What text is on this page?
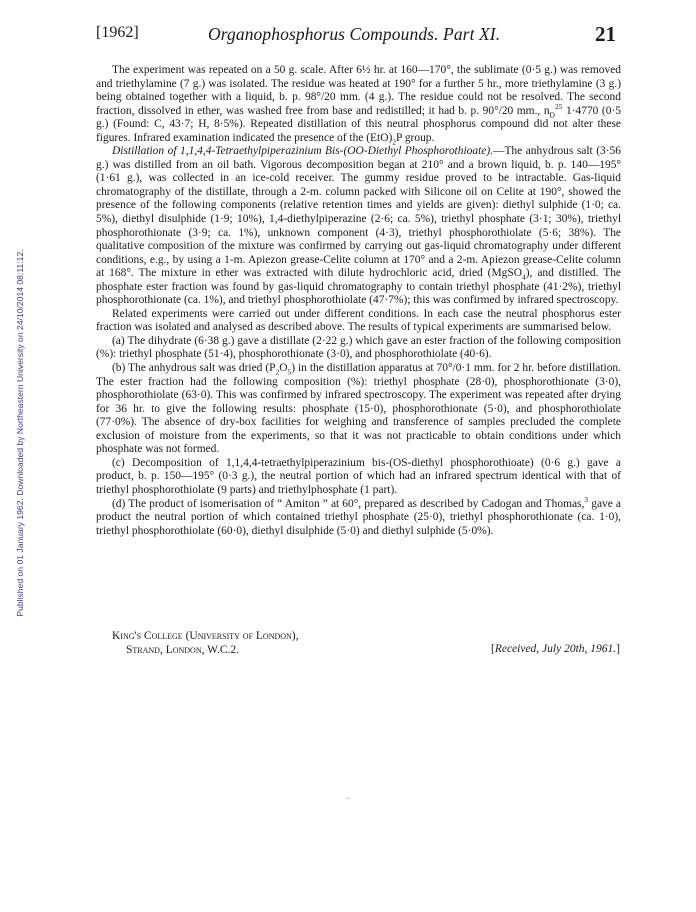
[1962]	Organophosphorus Compounds. Part XI.	21
Published on 01 January 1962. Downloaded by Northeastern University on 24/10/2014 08:11:12.

The experiment was repeated on a 50 g. scale. After 6½ hr. at 160—170°, the sublimate (0·5 g.) was removed and triethylamine (7 g.) was isolated. The residue was heated at 190° for a further 5 hr., more triethylamine (3 g.) being obtained together with a liquid, b. p. 98°/20 mm. (4 g.). The residue could not be resolved. The second fraction, dissolved in ether, was washed free from base and redistilled; it had b. p. 90°/20 mm., $n_D^{25}$ 1·4770 (0·5 g.) (Found: C, 43·7; H, 8·5%). Repeated distillation of this neutral phosphorus compound did not alter these figures. Infrared examination indicated the presence of the $(EtO)_2P$ group.

Distillation of 1,1,4,4-Tetraethylpiperazinium Bis-(OO-Diethyl Phosphorothioate).—The anhydrous salt (3·56 g.) was distilled from an oil bath. Vigorous decomposition began at 210° and a brown liquid, b. p. 140—195° (1·61 g.), was collected in an ice-cold receiver. The gummy residue proved to be intractable. Gas-liquid chromatography of the distillate, through a 2-m. column packed with Silicone oil on Celite at 190°, showed the presence of the following components (relative retention times and yields are given): diethyl sulphide (1·0; ca. 5%), diethyl disulphide (1·9; 10%), 1,4-diethylpiperazine (2·6; ca. 5%), triethyl phosphate (3·1; 30%), triethyl phosphorothionate (3·9; ca. 1%), unknown component (4·3), triethyl phosphorothiolate (5·6; 38%). The qualitative composition of the mixture was confirmed by carrying out gas-liquid chromatography under different conditions, e.g., by using a 1-m. Apiezon grease-Celite column at 170° and a 2-m. Apiezon grease-Celite column at 168°. The mixture in ether was extracted with dilute hydrochloric acid, dried (MgSO$_4$), and distilled. The phosphate ester fraction was found by gas-liquid chromatography to contain triethyl phosphate (41·2%), triethyl phosphorothionate (ca. 1%), and triethyl phosphorothiolate (47·7%); this was confirmed by infrared spectroscopy.

Related experiments were carried out under different conditions. In each case the neutral phosphorus ester fraction was isolated and analysed as described above. The results of typical experiments are summarised below.

(a) The dihydrate (6·38 g.) gave a distillate (2·22 g.) which gave an ester fraction of the following composition (%): triethyl phosphate (51·4), phosphorothionate (3·0), and phosphorothiolate (40·6).

(b) The anhydrous salt was dried $(P_2O_5)$ in the distillation apparatus at 70°/0·1 mm. for 2 hr. before distillation. The ester fraction had the following composition (%): triethyl phosphate (28·0), phosphorothionate (3·0), phosphorothiolate (63·0). This was confirmed by infrared spectroscopy. The experiment was repeated after drying for 36 hr. to give the following results: phosphate (15·0), phosphorothionate (5·0), and phosphorothiolate (77·0%). The absence of dry-box facilities for weighing and transference of samples precluded the complete exclusion of moisture from the experiments, so that it was not practicable to obtain conditions under which phosphate was not formed.

(c) Decomposition of 1,1,4,4-tetraethylpiperazinium bis-(OS-diethyl phosphorothioate) (0·6 g.) gave a product, b. p. 150—195° (0·3 g.), the neutral portion of which had an infrared spectrum identical with that of triethyl phosphorothiolate (9 parts) and triethylphosphate (1 part).

(d) The product of isomerisation of “ Amiton ” at 60°, prepared as described by Cadogan and Thomas,$^3$ gave a product the neutral portion of which contained triethyl phosphate (25·0), triethyl phosphorothionate (ca. 1·0), triethyl phosphorothiolate (60·0), diethyl disulphide (5·0) and diethyl sulphide (5·0%).

King's College (University of London),
Strand, London, W.C.2.	[Received, July 20th, 1961.]
